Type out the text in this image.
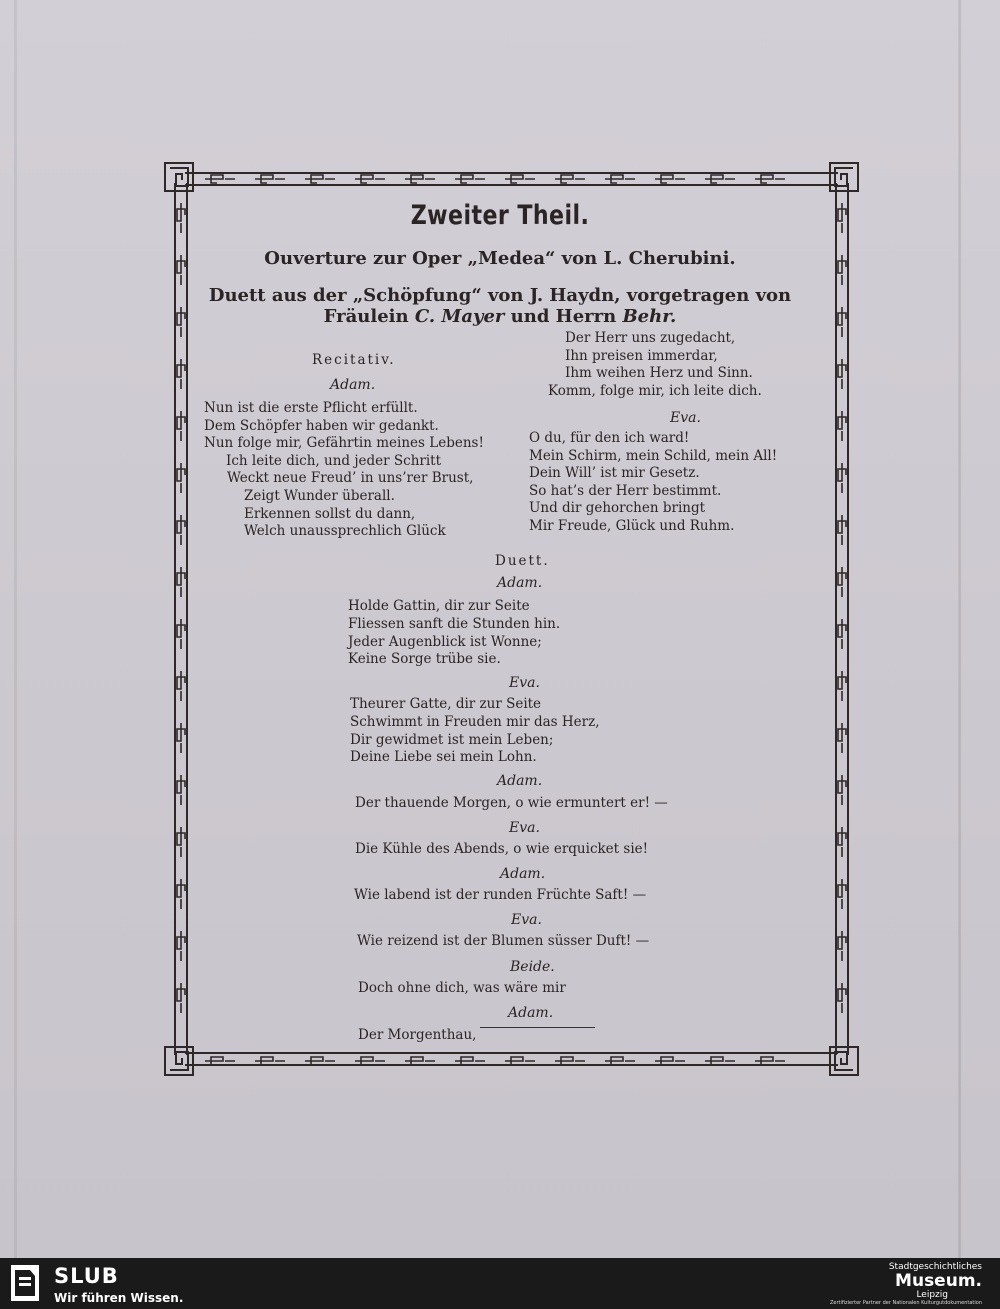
Zweiter Theil.
Ouverture zur Oper „Medea“ von L. Cherubini.
Duett aus der „Schöpfung“ von J. Haydn, vorgetragen von
Fräulein C. Mayer und Herrn Behr.
Recitativ.
Adam.
Nun ist die erste Pflicht erfüllt.
Dem Schöpfer haben wir gedankt.
Nun folge mir, Gefährtin meines Lebens!
Ich leite dich, und jeder Schritt
Weckt neue Freud’ in uns’rer Brust,
Zeigt Wunder überall.
Erkennen sollst du dann,
Welch unaussprechlich Glück
Der Herr uns zugedacht,
Ihn preisen immerdar,
Ihm weihen Herz und Sinn.
Komm, folge mir, ich leite dich.
Eva.
O du, für den ich ward!
Mein Schirm, mein Schild, mein All!
Dein Will’ ist mir Gesetz.
So hat’s der Herr bestimmt.
Und dir gehorchen bringt
Mir Freude, Glück und Ruhm.
Duett.
Adam.
Holde Gattin, dir zur Seite
Fliessen sanft die Stunden hin.
Jeder Augenblick ist Wonne;
Keine Sorge trübe sie.
Eva.
Theurer Gatte, dir zur Seite
Schwimmt in Freuden mir das Herz,
Dir gewidmet ist mein Leben;
Deine Liebe sei mein Lohn.
Adam.
Der thauende Morgen, o wie ermuntert er! —
Eva.
Die Kühle des Abends, o wie erquicket sie!
Adam.
Wie labend ist der runden Früchte Saft! —
Eva.
Wie reizend ist der Blumen süsser Duft! —
Beide.
Doch ohne dich, was wäre mir
Adam.
Der Morgenthau,
SLUB
Wir führen Wissen.
Stadtgeschichtliches
Museum.
Leipzig
Zertifizierter Partner der Nationalen Kulturgutdokumentation
